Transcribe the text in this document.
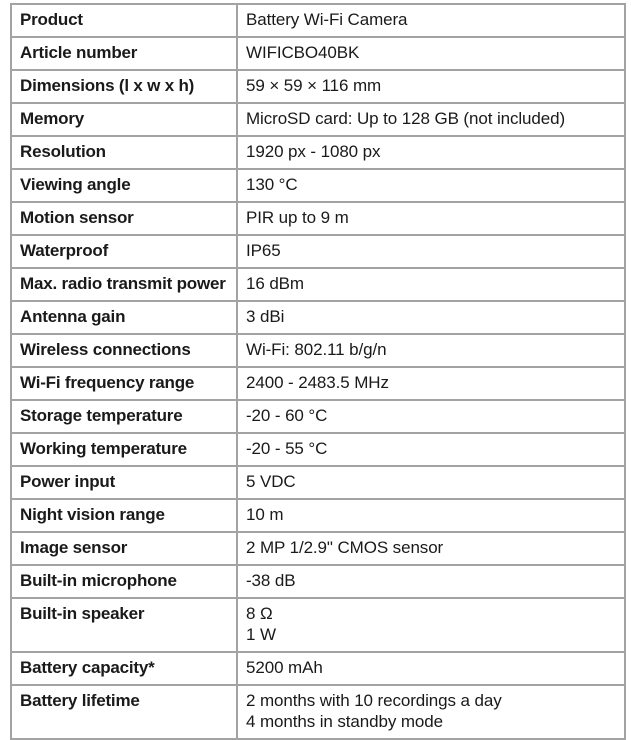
Product	Battery Wi-Fi Camera

Article number	WIFICBO40BK

Dimensions (l x w x h)	59 × 59 × 116 mm

Memory	MicroSD card: Up to 128 GB (not included)

Resolution	1920 px - 1080 px

Viewing angle	130 °C

Motion sensor	PIR up to 9 m

Waterproof	IP65

Max. radio transmit power	16 dBm

Antenna gain	3 dBi

Wireless connections	Wi-Fi: 802.11 b/g/n

Wi-Fi frequency range	2400 - 2483.5 MHz

Storage temperature	-20 - 60 °C

Working temperature	-20 - 55 °C

Power input	5 VDC

Night vision range	10 m

Image sensor	2 MP 1/2.9" CMOS sensor

Built-in microphone	-38 dB

Built-in speaker	8 Ω
1 W

Battery capacity*	5200 mAh

Battery lifetime	2 months with 10 recordings a day
4 months in standby mode
